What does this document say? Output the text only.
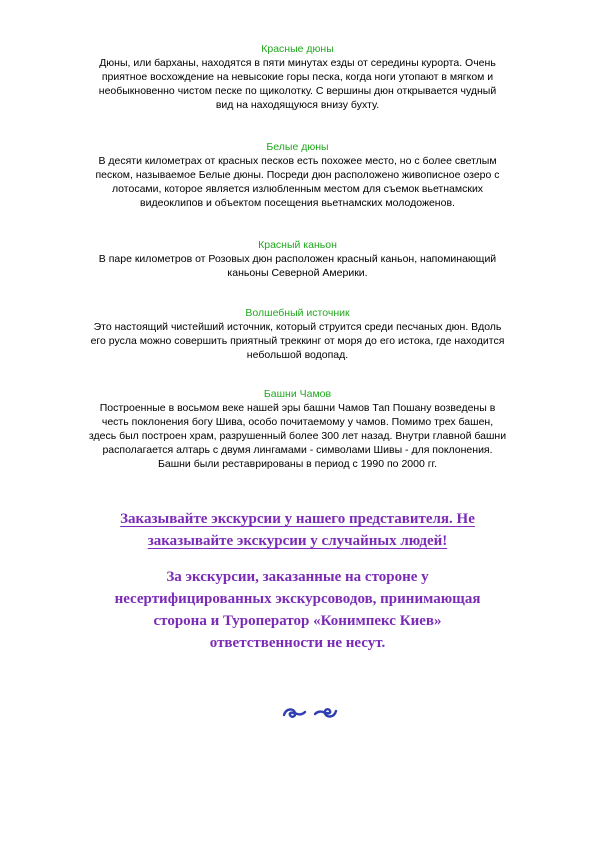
Красные дюны
Дюны, или барханы, находятся в пяти минутах езды от середины курорта. Очень
приятное восхождение на невысокие горы песка, когда ноги утопают в мягком и
необыкновенно чистом песке по щиколотку. С вершины дюн открывается чудный
вид на находящуюся внизу бухту.
Белые дюны
В десяти километрах от красных песков есть похожее место, но с более светлым
песком, называемое Белые дюны. Посреди дюн расположено живописное озеро с
лотосами, которое является излюбленным местом для съемок вьетнамских
видеоклипов и объектом посещения вьетнамских молодоженов.
Красный каньон
В паре километров от Розовых дюн расположен красный каньон, напоминающий
каньоны Северной Америки.
Волшебный источник
Это настоящий чистейший источник, который струится среди песчаных дюн. Вдоль
его русла можно совершить приятный треккинг от моря до его истока, где находится
небольшой водопад.
Башни Чамов
Построенные в восьмом веке нашей эры башни Чамов Тап Пошану возведены в
честь поклонения богу Шива, особо почитаемому у чамов. Помимо трех башен,
здесь был построен храм, разрушенный более 300 лет назад. Внутри главной башни
располагается алтарь с двумя лингамами - символами Шивы - для поклонения.
Башни были реставрированы в период с 1990 по 2000 гг.
Заказывайте экскурсии у нашего представителя. Не
заказывайте экскурсии у случайных людей!
За экскурсии, заказанные на стороне у
несертифицированных экскурсоводов, принимающая
сторона и Туроператор «Конимпекс Киев»
ответственности не несут.
